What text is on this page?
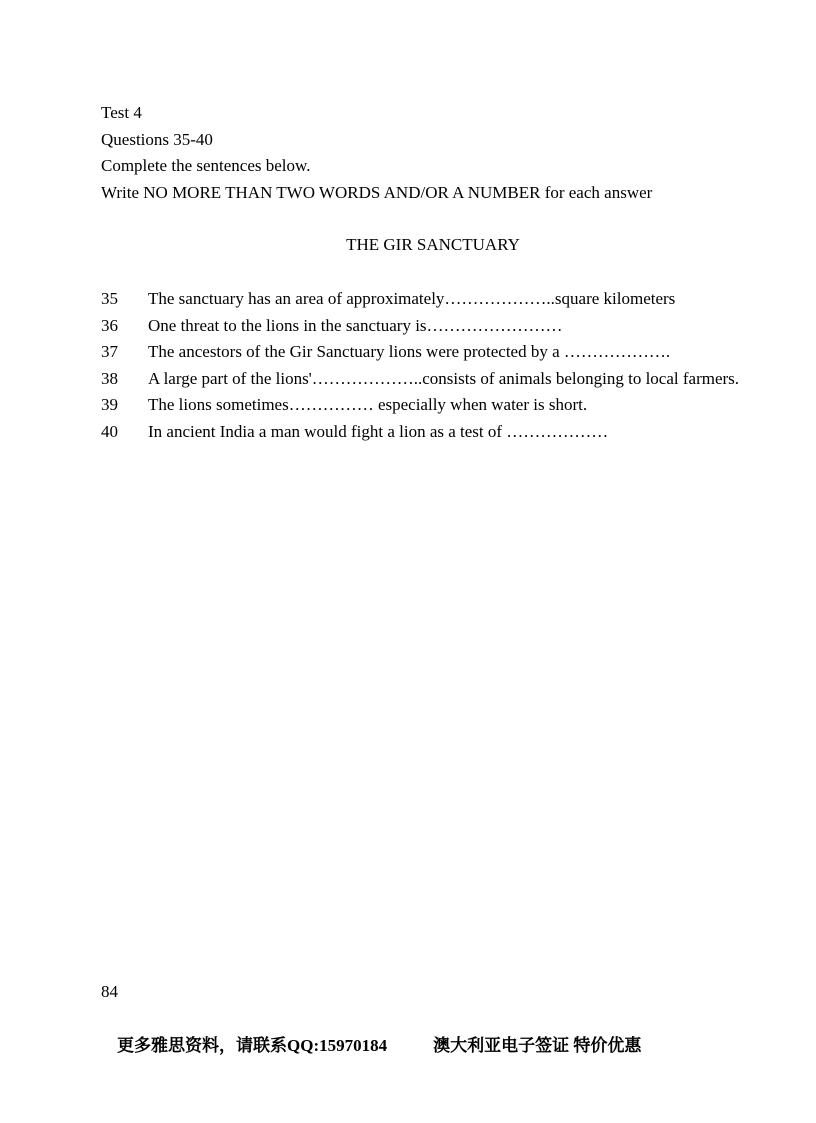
Test 4
Questions 35-40
Complete the sentences below.
Write NO MORE THAN TWO WORDS AND/OR A NUMBER for each answer
THE GIR SANCTUARY
35	The sanctuary has an area of approximately………………..square kilometers
36	One threat to the lions in the sanctuary is……………………
37	The ancestors of the Gir Sanctuary lions were protected by a ……………….
38	A large part of the lions'………………..consists of animals belonging to local farmers.
39	The lions sometimes…………… especially when water is short.
40	In ancient India a man would fight a lion as a test of ………………
84
更多雅思资料，请联系QQ:15970184	澳大利亚电子签证 特价优惠
